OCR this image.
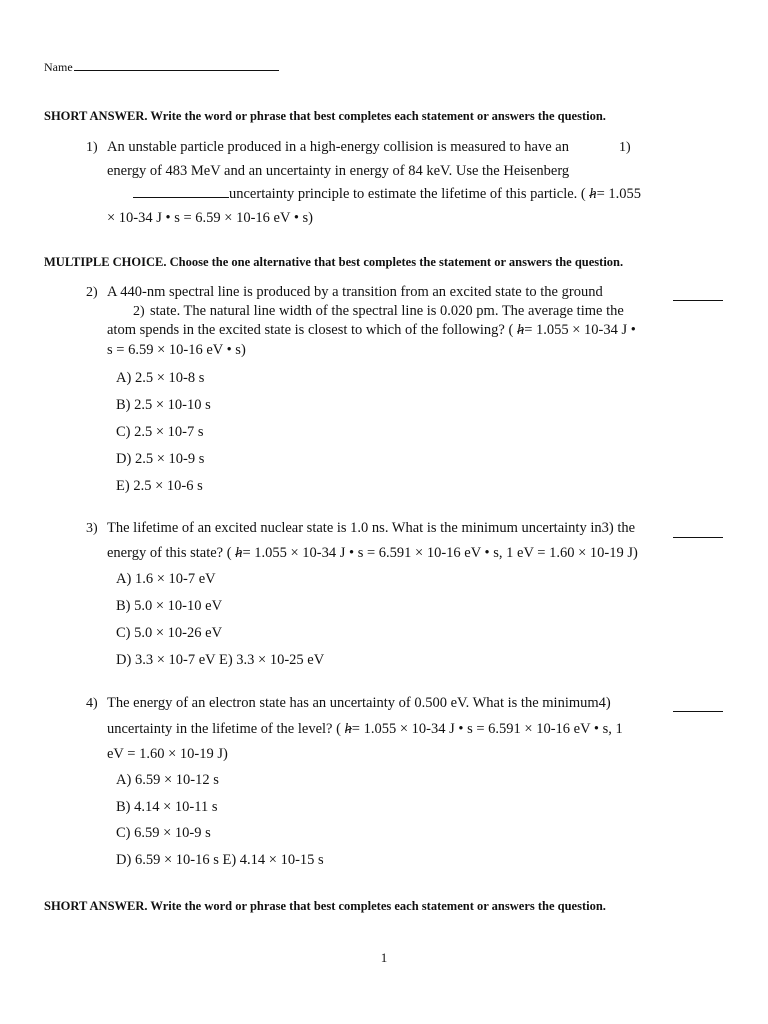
Name
SHORT ANSWER. Write the word or phrase that best completes each statement or answers the question.
1) An unstable particle produced in a high-energy collision is measured to have an	1)
energy of 483 MeV and an uncertainty in energy of 84 keV. Use the Heisenberg
uncertainty principle to estimate the lifetime of this particle. ( h= 1.055
× 10-34 J • s = 6.59 × 10-16 eV • s)
MULTIPLE CHOICE. Choose the one alternative that best completes the statement or answers the question.
2) A 440-nm spectral line is produced by a transition from an excited state to the ground
2) state. The natural line width of the spectral line is 0.020 pm. The average time the
atom spends in the excited state is closest to which of the following? ( h= 1.055 × 10-34 J •
s = 6.59 × 10-16 eV • s)
A) 2.5 × 10-8 s
B) 2.5 × 10-10 s
C) 2.5 × 10-7 s
D) 2.5 × 10-9 s
E) 2.5 × 10-6 s
3) The lifetime of an excited nuclear state is 1.0 ns. What is the minimum uncertainty in3) the
energy of this state? ( h= 1.055 × 10-34 J • s = 6.591 × 10-16 eV • s, 1 eV = 1.60 × 10-19 J)
A) 1.6 × 10-7 eV
B) 5.0 × 10-10 eV
C) 5.0 × 10-26 eV
D) 3.3 × 10-7 eV E) 3.3 × 10-25 eV
4) The energy of an electron state has an uncertainty of 0.500 eV. What is the minimum4)
uncertainty in the lifetime of the level? ( h= 1.055 × 10-34 J • s = 6.591 × 10-16 eV • s, 1
eV = 1.60 × 10-19 J)
A) 6.59 × 10-12 s
B) 4.14 × 10-11 s
C) 6.59 × 10-9 s
D) 6.59 × 10-16 s E) 4.14 × 10-15 s
SHORT ANSWER. Write the word or phrase that best completes each statement or answers the question.
1
